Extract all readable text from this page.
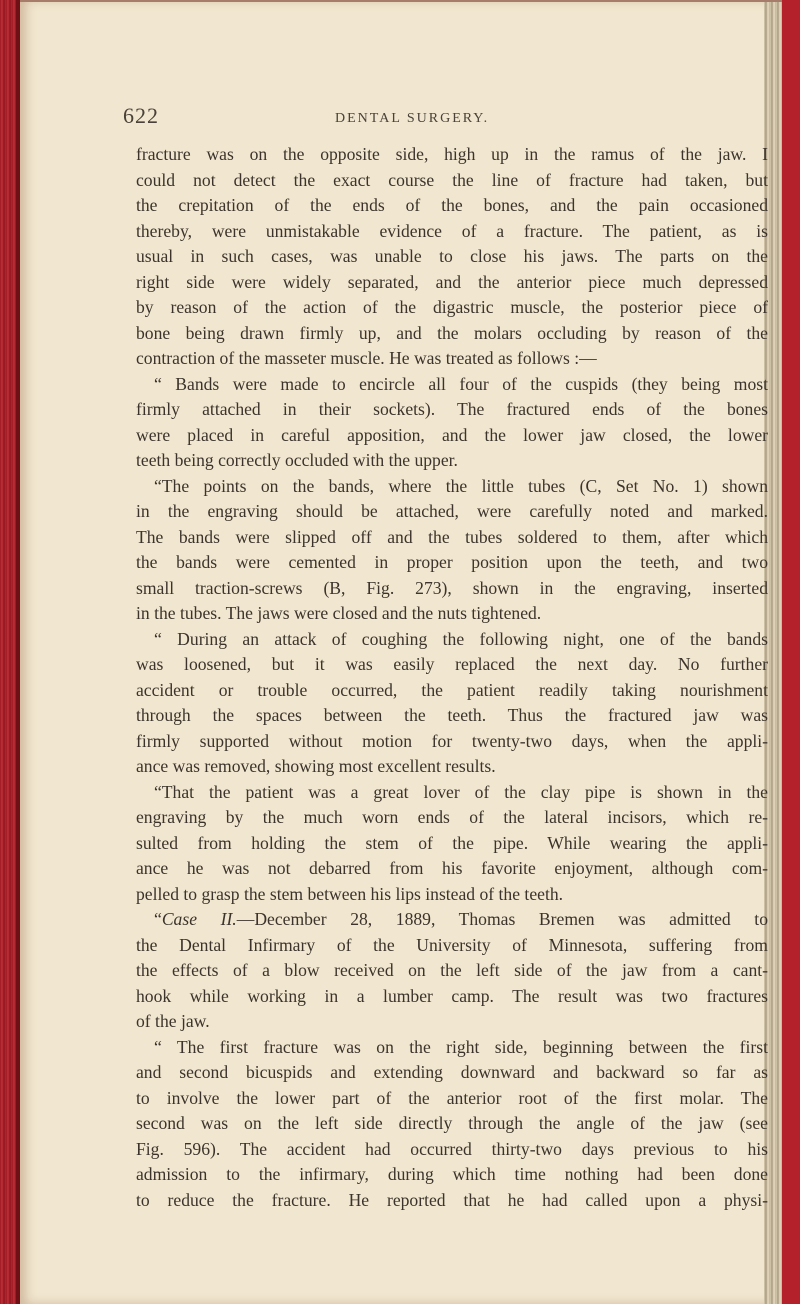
622	DENTAL SURGERY.

fracture was on the opposite side, high up in the ramus of the jaw. I

could not detect the exact course the line of fracture had taken, but

the crepitation of the ends of the bones, and the pain occasioned

thereby, were unmistakable evidence of a fracture. The patient, as is

usual in such cases, was unable to close his jaws. The parts on the

right side were widely separated, and the anterior piece much depressed

by reason of the action of the digastric muscle, the posterior piece of

bone being drawn firmly up, and the molars occluding by reason of the

contraction of the masseter muscle. He was treated as follows :—

“ Bands were made to encircle all four of the cuspids (they being most

firmly attached in their sockets). The fractured ends of the bones

were placed in careful apposition, and the lower jaw closed, the lower

teeth being correctly occluded with the upper.

“The points on the bands, where the little tubes (C, Set No. 1) shown

in the engraving should be attached, were carefully noted and marked.

The bands were slipped off and the tubes soldered to them, after which

the bands were cemented in proper position upon the teeth, and two

small traction-screws (B, Fig. 273), shown in the engraving, inserted

in the tubes. The jaws were closed and the nuts tightened.

“ During an attack of coughing the following night, one of the bands

was loosened, but it was easily replaced the next day. No further

accident or trouble occurred, the patient readily taking nourishment

through the spaces between the teeth. Thus the fractured jaw was

firmly supported without motion for twenty-two days, when the appli-

ance was removed, showing most excellent results.

“That the patient was a great lover of the clay pipe is shown in the

engraving by the much worn ends of the lateral incisors, which re-

sulted from holding the stem of the pipe. While wearing the appli-

ance he was not debarred from his favorite enjoyment, although com-

pelled to grasp the stem between his lips instead of the teeth.

“Case II.—December 28, 1889, Thomas Bremen was admitted to

the Dental Infirmary of the University of Minnesota, suffering from

the effects of a blow received on the left side of the jaw from a cant-

hook while working in a lumber camp. The result was two fractures

of the jaw.

“ The first fracture was on the right side, beginning between the first

and second bicuspids and extending downward and backward so far as

to involve the lower part of the anterior root of the first molar. The

second was on the left side directly through the angle of the jaw (see

Fig. 596). The accident had occurred thirty-two days previous to his

admission to the infirmary, during which time nothing had been done

to reduce the fracture. He reported that he had called upon a physi-
